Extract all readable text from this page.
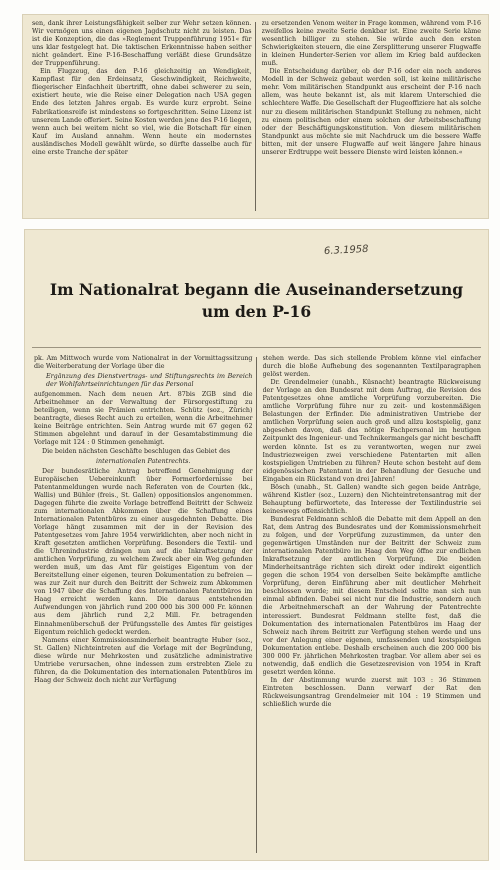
sen, dank ihrer Leistungsfähigkeit selber zur Wehr setzen können. Wir vermögen uns einen eigenen Jagdschutz nicht zu leisten. Das ist die Konzeption, die das »Reglement Truppenführung 1951« für uns klar festgelegt hat. Die taktischen Erkenntnisse haben seither nicht geändert. Eine P-16-Beschaffung verläßt diese Grundsätze der Truppenführung.

Ein Flugzeug, das den P-16 gleichzeitig an Wendigkeit, Kampflast für den Erdeinsatz, Geschwindigkeit, Reichweite, fliegerischer Einfachheit übertrifft, ohne dabei schwerer zu sein, existiert heute, wie die Reise einer Delegation nach USA gegen Ende des letzten Jahres ergab. Es wurde kurz erprobt. Seine Fabrikationsreife ist mindestens so fortgeschritten. Seine Lizenz ist unserem Lande offeriert. Seine Kosten werden jene des P-16 liegen, wenn auch bei weitem nicht so viel, wie die Botschaft für einen Kauf im Ausland annahm. Wenn heute ein modernstes ausländisches Modell gewählt würde, so dürfte dasselbe auch für eine erste Tranche der später

zu ersetzenden Venom weiter in Frage kommen, während vom P-16 zweifellos keine zweite Serie denkbar ist. Eine zweite Serie käme wesentlich billiger zu stehen. Sie würde auch den ersten Schwierigkeiten steuern, die eine Zersplitterung unserer Flugwaffe in kleinen Hunderter-Serien vor allem im Krieg bald aufdecken muß.

Die Entscheidung darüber, ob der P-16 oder ein noch anderes Modell in der Schweiz gebaut werden soll, ist keine militärische mehr. Vom militärischen Standpunkt aus erscheint der P-16 nach allem, was heute bekannt ist, als mit klarem Unterschied die schlechtere Waffe. Die Gesellschaft der Flugeoffiziere hat als solche nur zu diesem militärischen Standpunkt Stellung zu nehmen, nicht zu einem politischen oder einem solchen der Arbeitsbeschaffung oder der Beschäftigungskonstitution. Von diesem militärischen Standpunkt aus möchte sie mit Nachdruck um die bessere Waffe bitten, mit der unsere Flugwaffe auf weit längere Jahre hinaus unserer Erdtruppe weit bessere Dienste wird leisten können.«

6.3.1958
Im Nationalrat begann die Auseinandersetzung
um den P-16

pk. Am Mittwoch wurde vom Nationalrat in der Vormittagssitzung die Weiterberatung der Vorlage über die

Ergänzung des Dienstvertrags- und Stiftungsrechts im Bereich der Wohlfahrtseinrichtungen für das Personal

aufgenommen. Nach dem neuen Art. 87bis ZGB sind die Arbeitnehmer an der Verwaltung der Fürsorgestiftung zu beteiligen, wenn sie Prämien entrichten. Schütz (soz., Zürich) beantragte, dieses Recht auch zu erteilen, wenn die Arbeitnehmer keine Beiträge entrichten. Sein Antrag wurde mit 67 gegen 62 Stimmen abgelehnt und darauf in der Gesamtabstimmung die Vorlage mit 124 : 0 Stimmen genehmigt.

Die beiden nächsten Geschäfte beschlugen das Gebiet des

internationalen Patentrechts.

Der bundesrätliche Antrag betreffend Genehmigung der Europäischen Uebereinkunft über Formerfordernisse bei Patentanmeldungen wurde nach Referaten von de Courten (kk., Wallis) und Bühler (freis., St. Gallen) oppositionslos angenommen. Dagegen führte die zweite Vorlage betreffend Beitritt der Schweiz zum internationalen Abkommen über die Schaffung eines Internationalen Patentbüros zu einer ausgedehnten Debatte. Die Vorlage hängt zusammen mit der in der Revision des Patentgesetzes vom Jahre 1954 verwirklichten, aber noch nicht in Kraft gesetzten amtlichen Vorprüfung. Besonders die Textil- und die Uhrenindustrie drängen nun auf die Inkraftsetzung der amtlichen Vorprüfung, zu welchem Zweck aber ein Weg gefunden werden muß, um das Amt für geistiges Eigentum von der Bereitstellung einer eigenen, teuren Dokumentation zu befreien — was zur Zeit nur durch den Beitritt der Schweiz zum Abkommen von 1947 über die Schaffung des Internationalen Patentbüros im Haag erreicht werden kann. Die daraus entstehenden Aufwendungen von jährlich rund 200 000 bis 300 000 Fr. können aus dem jährlich rund 2,2 Mill. Fr. betragenden Einnahmenüberschuß der Prüfungsstelle des Amtes für geistiges Eigentum reichlich gedeckt werden.

Namens einer Kommissionsminderheit beantragte Huber (soz., St. Gallen) Nichteintreten auf die Vorlage mit der Begründung, diese würde nur Mehrkosten und zusätzliche administrative Umtriebe verursachen, ohne indessen zum erstrebten Ziele zu führen, da die Dokumentation des internationalen Patentbüros im Haag der Schweiz doch nicht zur Verfügung

stehen werde. Das sich stellende Problem könne viel einfacher durch die bloße Aufhebung des sogenannten Textilparagraphen gelöst werden.

Dr. Grendelmeier (unabh., Küsnacht) beantragte Rückweisung der Vorlage an den Bundesrat mit dem Auftrag, die Revision des Patentgesetzes ohne amtliche Vorprüfung vorzubereiten. Die amtliche Vorprüfung führe nur zu zeit- und kostenmäßigen Belastungen der Erfinder. Die administrativen Umtriebe der amtlichen Vorprüfung seien auch groß und allzu kostspielig, ganz abgesehen davon, daß das nötige Fachpersonal im heutigen Zeitpunkt des Ingenieur- und Technikermangels gar nicht beschafft werden könnte. Ist es zu verantworten, wegen nur zwei Industriezweigen zwei verschiedene Patentarten mit allen kostspieligen Umtrieben zu führen? Heute schon besteht auf dem eidgenössischen Patentamt in der Behandlung der Gesuche und Eingaben ein Rückstand von drei Jahren!

Bösch (unabh., St. Gallen) wandte sich gegen beide Anträge, während Kistler (soz., Luzern) den Nichteintretensantrag mit der Behauptung befürwortete, das Interesse der Textilindustrie sei keineswegs offensichtlich.

Bundesrat Feldmann schloß die Debatte mit dem Appell an den Rat, dem Antrag des Bundesrates und der Kommissionsmehrheit zu folgen, und der Vorprüfung zuzustimmen, da unter den gegenwärtigen Umständen nur der Beitritt der Schweiz zum internationalen Patentbüro im Haag den Weg öffne zur endlichen Inkraftsetzung der amtlichen Vorprüfung. Die beiden Minderheitsanträge richten sich direkt oder indirekt eigentlich gegen die schon 1954 von derselben Seite bekämpfte amtliche Vorprüfung, deren Einführung aber mit deutlicher Mehrheit beschlossen wurde; mit diesem Entscheid sollte man sich nun einmal abfinden. Dabei sei nicht nur die Industrie, sondern auch die Arbeitnehmerschaft an der Wahrung der Patentrechte interessiert. Bundesrat Feldmann stellte fest, daß die Dokumentation des internationalen Patentbüros im Haag der Schweiz nach ihrem Beitritt zur Verfügung stehen werde und uns vor der Anlegung einer eigenen, umfassenden und kostspieligen Dokumentation entlebe. Deshalb erscheinen auch die 200 000 bis 300 000 Fr. jährlichen Mehrkosten tragbar. Vor allem aber sei es notwendig, daß endlich die Gesetzesrevision von 1954 in Kraft gesetzt werden könne.

In der Abstimmung wurde zuerst mit 103 : 36 Stimmen Eintreten beschlossen. Dann verwarf der Rat den Rückweisungsantrag Grendelmeier mit 104 : 19 Stimmen und schließlich wurde die
